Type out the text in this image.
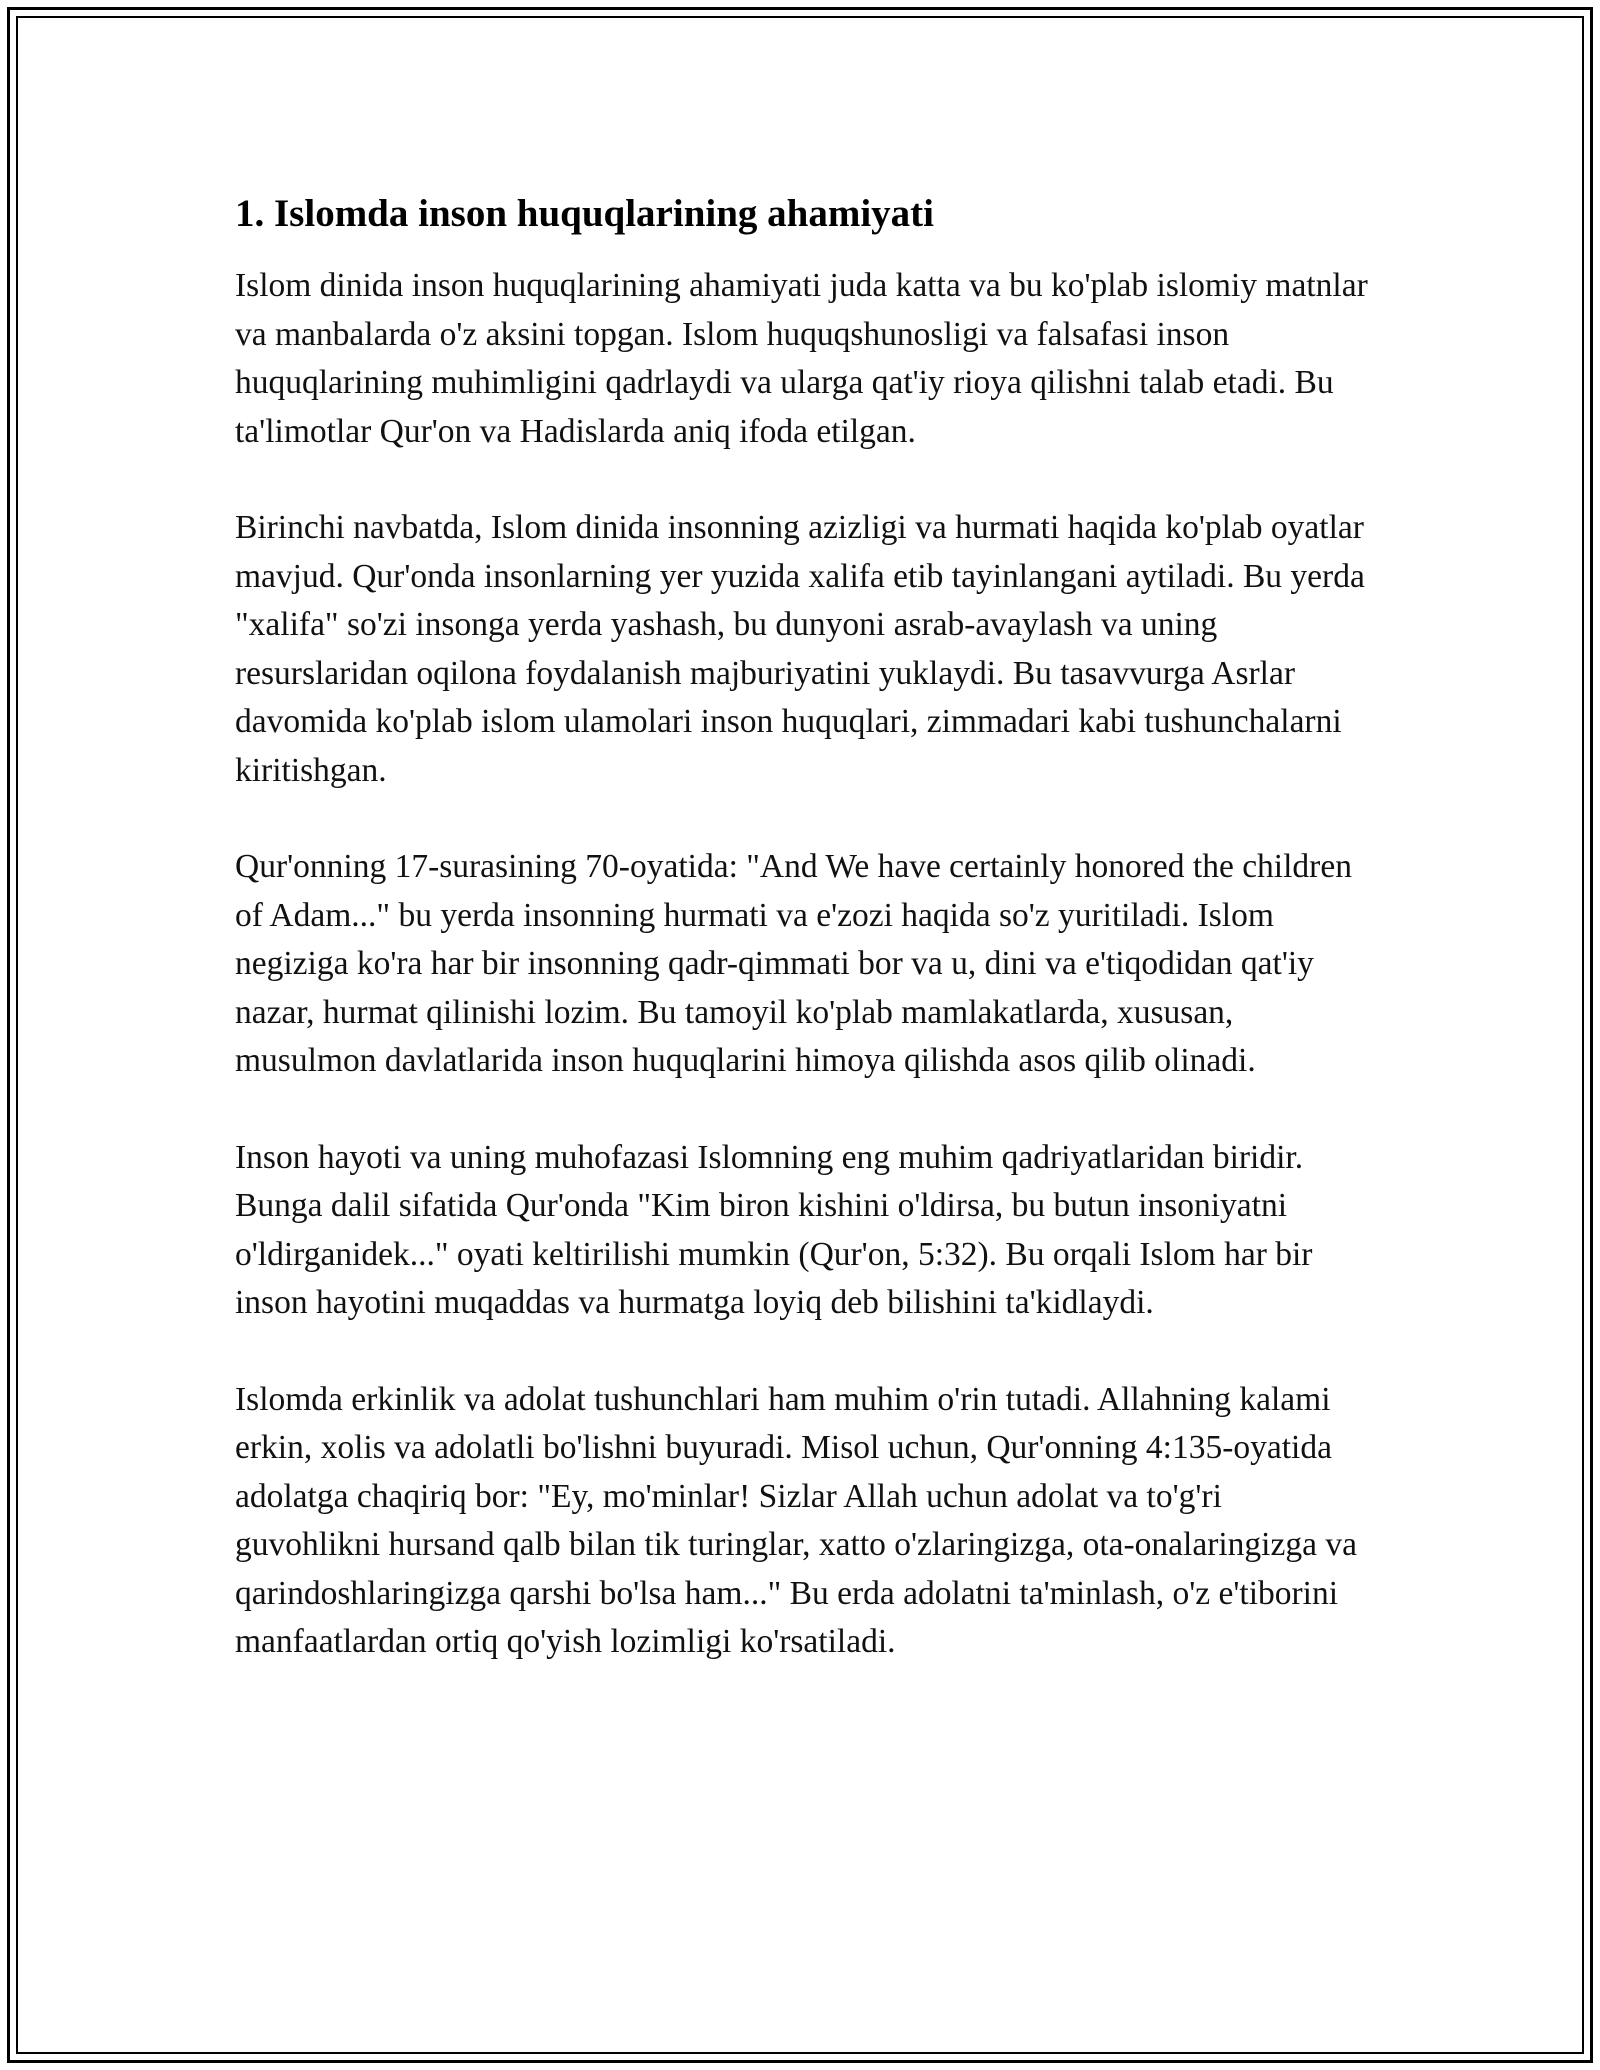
1. Islomda inson huquqlarining ahamiyati

Islom dinida inson huquqlarining ahamiyati juda katta va bu ko'plab islomiy matnlar va manbalarda o'z aksini topgan. Islom huquqshunosligi va falsafasi inson huquqlarining muhimligini qadrlaydi va ularga qat'iy rioya qilishni talab etadi. Bu ta'limotlar Qur'on va Hadislarda aniq ifoda etilgan.

Birinchi navbatda, Islom dinida insonning azizligi va hurmati haqida ko'plab oyatlar mavjud. Qur'onda insonlarning yer yuzida xalifa etib tayinlangani aytiladi. Bu yerda "xalifa" so'zi insonga yerda yashash, bu dunyoni asrab-avaylash va uning resurslaridan oqilona foydalanish majburiyatini yuklaydi. Bu tasavvurga Asrlar davomida ko'plab islom ulamolari inson huquqlari, zimmadari kabi tushunchalarni kiritishgan.

Qur'onning 17-surasining 70-oyatida: "And We have certainly honored the children of Adam..." bu yerda insonning hurmati va e'zozi haqida so'z yuritiladi. Islom negiziga ko'ra har bir insonning qadr-qimmati bor va u, dini va e'tiqodidan qat'iy nazar, hurmat qilinishi lozim. Bu tamoyil ko'plab mamlakatlarda, xususan, musulmon davlatlarida inson huquqlarini himoya qilishda asos qilib olinadi.

Inson hayoti va uning muhofazasi Islomning eng muhim qadriyatlaridan biridir. Bunga dalil sifatida Qur'onda "Kim biron kishini o'ldirsa, bu butun insoniyatni o'ldirganidek..." oyati keltirilishi mumkin (Qur'on, 5:32). Bu orqali Islom har bir inson hayotini muqaddas va hurmatga loyiq deb bilishini ta'kidlaydi.

Islomda erkinlik va adolat tushunchlari ham muhim o'rin tutadi. Allahning kalami erkin, xolis va adolatli bo'lishni buyuradi. Misol uchun, Qur'onning 4:135-oyatida adolatga chaqiriq bor: "Ey, mo'minlar! Sizlar Allah uchun adolat va to'g'ri guvohlikni hursand qalb bilan tik turinglar, xatto o'zlaringizga, ota-onalaringizga va qarindoshlaringizga qarshi bo'lsa ham..." Bu erda adolatni ta'minlash, o'z e'tiborini manfaatlardan ortiq qo'yish lozimligi ko'rsatiladi.
